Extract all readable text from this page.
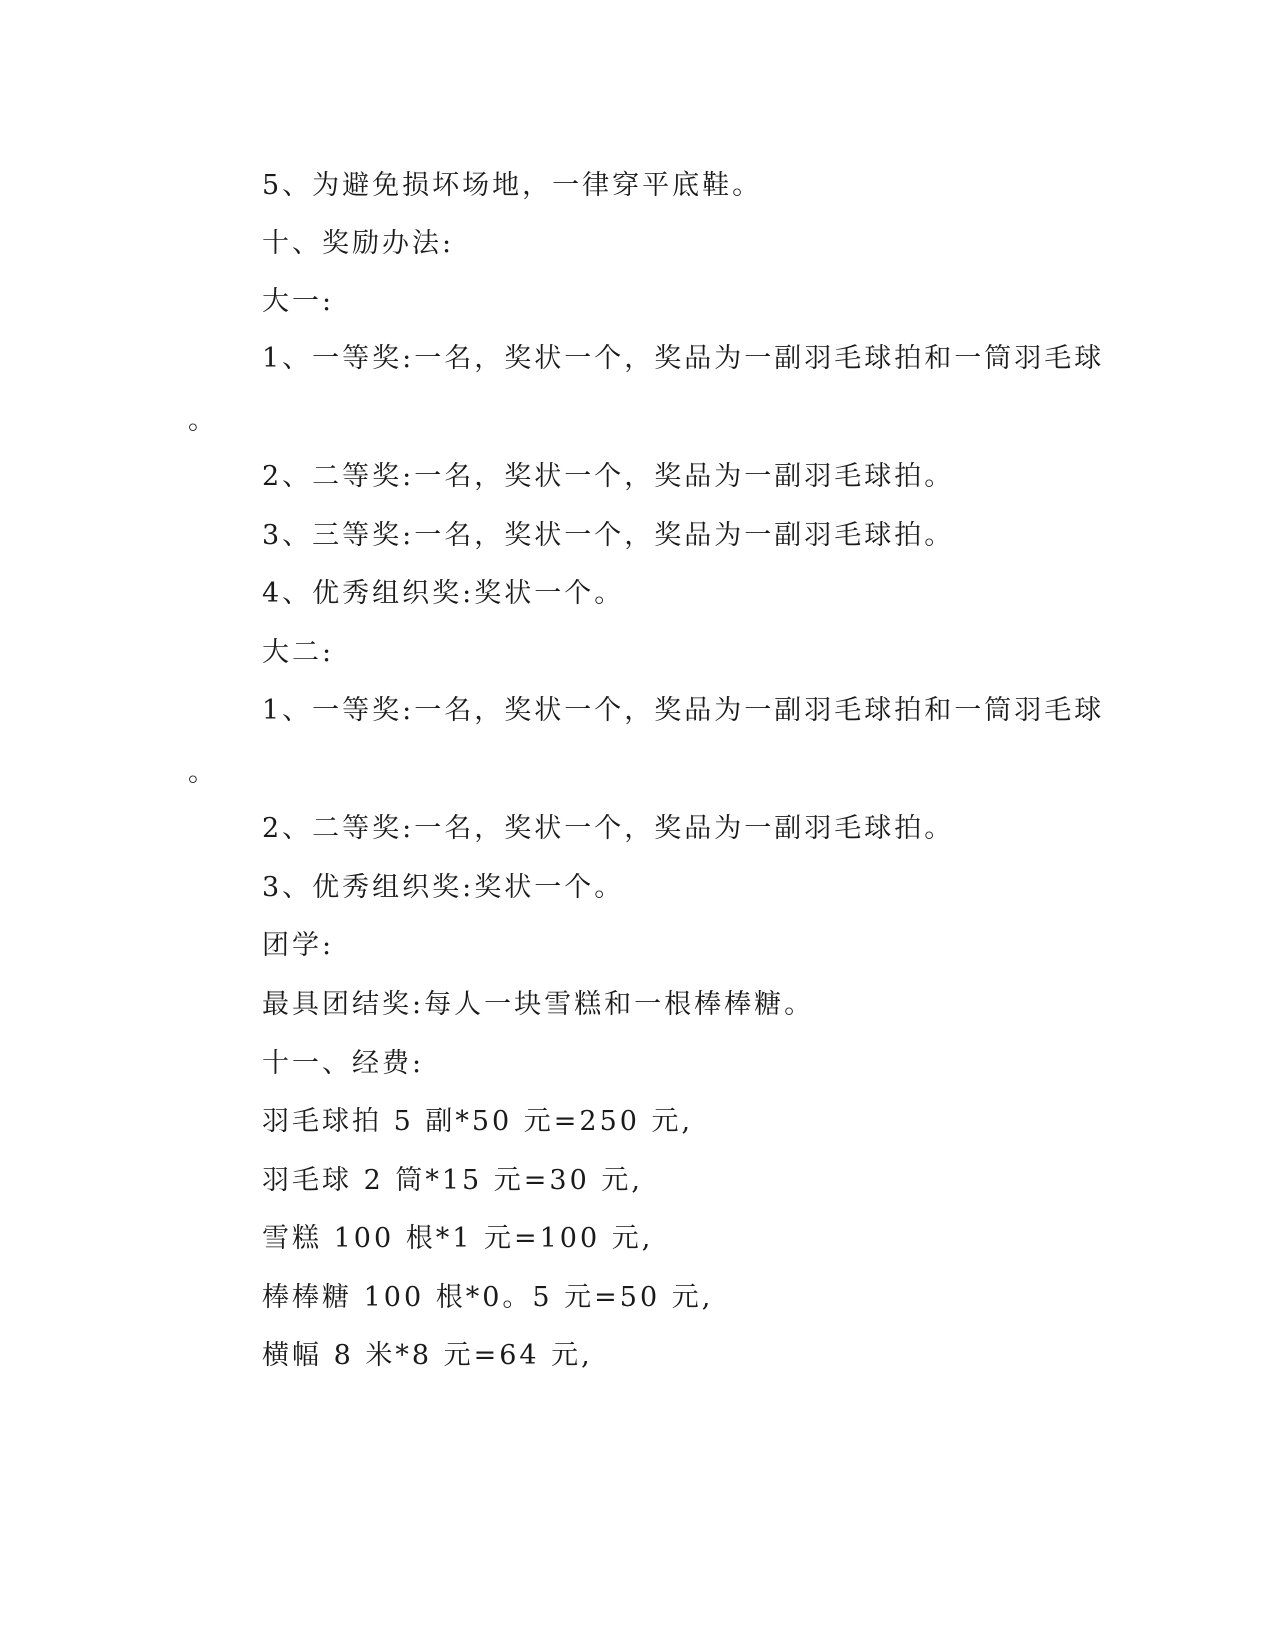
5、为避免损坏场地，一律穿平底鞋。
十、奖励办法:
大一:
1、一等奖:一名，奖状一个，奖品为一副羽毛球拍和一筒羽毛球
。
2、二等奖:一名，奖状一个，奖品为一副羽毛球拍。
3、三等奖:一名，奖状一个，奖品为一副羽毛球拍。
4、优秀组织奖:奖状一个。
大二:
1、一等奖:一名，奖状一个，奖品为一副羽毛球拍和一筒羽毛球
。
2、二等奖:一名，奖状一个，奖品为一副羽毛球拍。
3、优秀组织奖:奖状一个。
团学:
最具团结奖:每人一块雪糕和一根棒棒糖。
十一、经费:
羽毛球拍 5 副*50 元=250 元,
羽毛球 2 筒*15 元=30 元,
雪糕 100 根*1 元=100 元,
棒棒糖 100 根*0。5 元=50 元,
横幅 8 米*8 元=64 元,
